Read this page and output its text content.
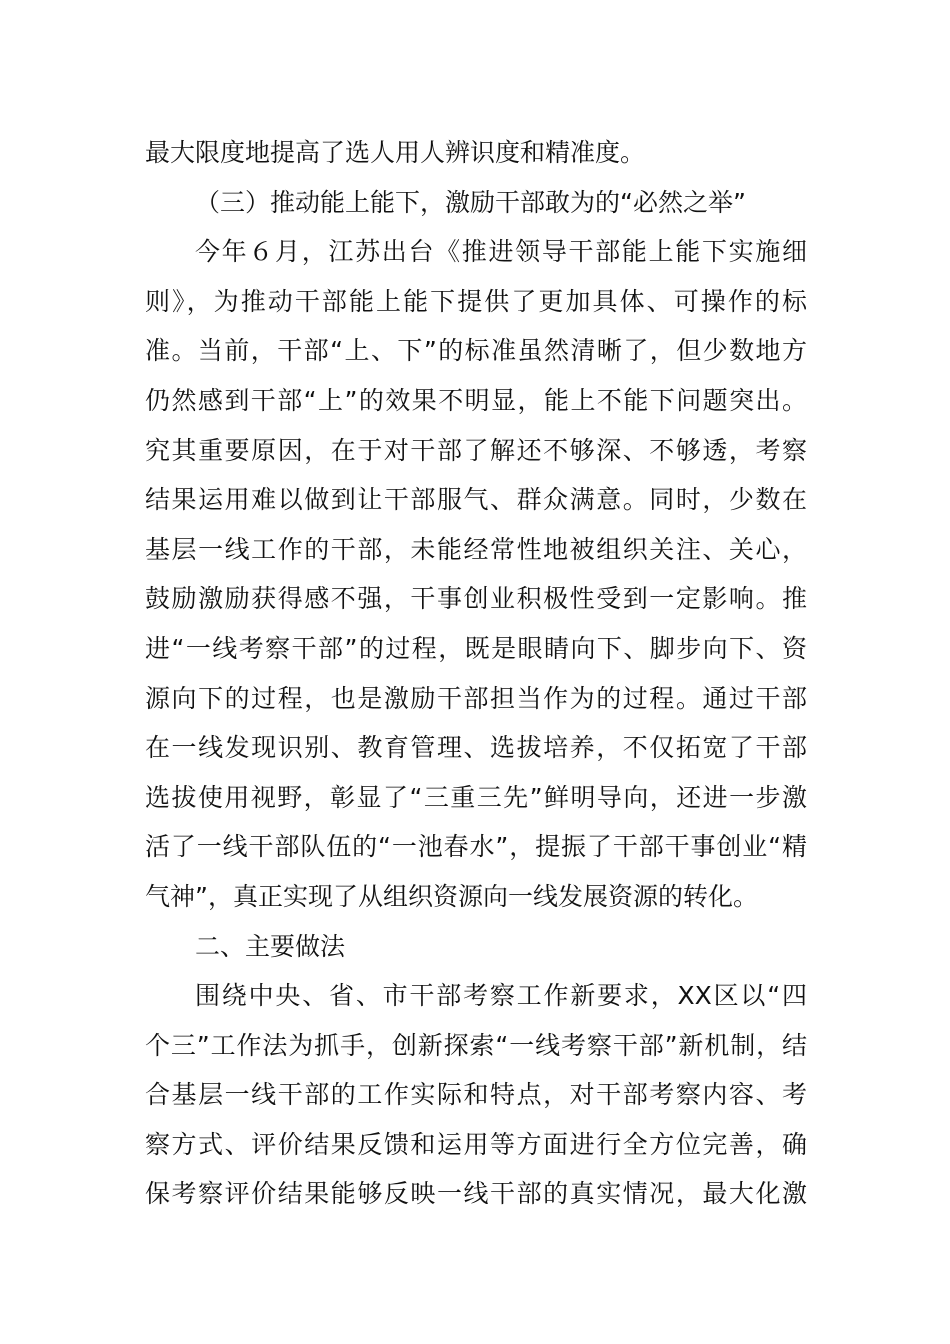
最大限度地提高了选人用人辨识度和精准度。
（三）推动能上能下，激励干部敢为的“必然之举”
今年６月，江苏出台《推进领导干部能上能下实施细
则》，为推动干部能上能下提供了更加具体、可操作的标
准。当前，干部“上、下”的标准虽然清晰了，但少数地方
仍然感到干部“上”的效果不明显，能上不能下问题突出。
究其重要原因，在于对干部了解还不够深、不够透，考察
结果运用难以做到让干部服气、群众满意。同时，少数在
基层一线工作的干部，未能经常性地被组织关注、关心，
鼓励激励获得感不强，干事创业积极性受到一定影响。推
进“一线考察干部”的过程，既是眼睛向下、脚步向下、资
源向下的过程，也是激励干部担当作为的过程。通过干部
在一线发现识别、教育管理、选拔培养，不仅拓宽了干部
选拔使用视野，彰显了“三重三先”鲜明导向，还进一步激
活了一线干部队伍的“一池春水”，提振了干部干事创业“精
气神”，真正实现了从组织资源向一线发展资源的转化。
二、主要做法
围绕中央、省、市干部考察工作新要求，XX区以“四
个三”工作法为抓手，创新探索“一线考察干部”新机制，结
合基层一线干部的工作实际和特点，对干部考察内容、考
察方式、评价结果反馈和运用等方面进行全方位完善，确
保考察评价结果能够反映一线干部的真实情况，最大化激
